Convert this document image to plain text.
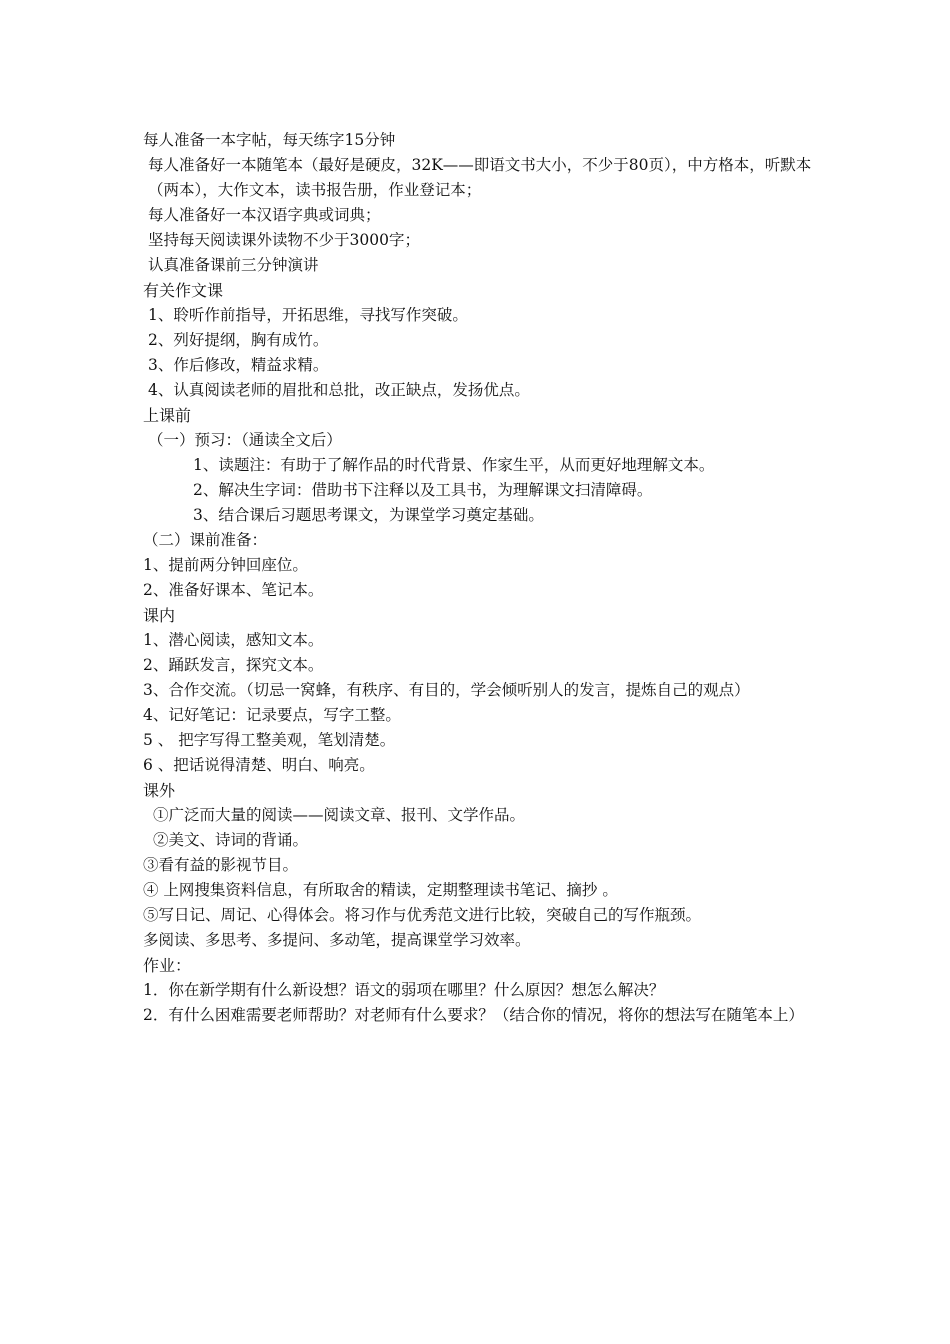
每人准备一本字帖，每天练字15分钟
每人准备好一本随笔本（最好是硬皮，32K——即语文书大小，不少于80页），中方格本，听默本（两本），大作文本，读书报告册，作业登记本；
每人准备好一本汉语字典或词典；
坚持每天阅读课外读物不少于3000字；
认真准备课前三分钟演讲
有关作文课
1、聆听作前指导，开拓思维，寻找写作突破。
2、列好提纲，胸有成竹。
3、作后修改，精益求精。
4、认真阅读老师的眉批和总批，改正缺点，发扬优点。
上课前
（一）预习：（通读全文后）
1、读题注：有助于了解作品的时代背景、作家生平，从而更好地理解文本。
2、解决生字词：借助书下注释以及工具书，为理解课文扫清障碍。
3、结合课后习题思考课文，为课堂学习奠定基础。
（二）课前准备：
1、提前两分钟回座位。
2、准备好课本、笔记本。
课内
1、潜心阅读，感知文本。
2、踊跃发言，探究文本。
3、合作交流。（切忌一窝蜂，有秩序、有目的，学会倾听别人的发言，提炼自己的观点）
4、记好笔记：记录要点，写字工整。
5 、 把字写得工整美观，笔划清楚。
6 、把话说得清楚、明白、响亮。
课外
①广泛而大量的阅读——阅读文章、报刊、文学作品。
②美文、诗词的背诵。
③看有益的影视节目。
④ 上网搜集资料信息，有所取舍的精读，定期整理读书笔记、摘抄 。
⑤写日记、周记、心得体会。将习作与优秀范文进行比较，突破自己的写作瓶颈。
多阅读、多思考、多提问、多动笔，提高课堂学习效率。
作业：
1．你在新学期有什么新设想？语文的弱项在哪里？什么原因？想怎么解决？
2．有什么困难需要老师帮助？对老师有什么要求？（结合你的情况，将你的想法写在随笔本上）
